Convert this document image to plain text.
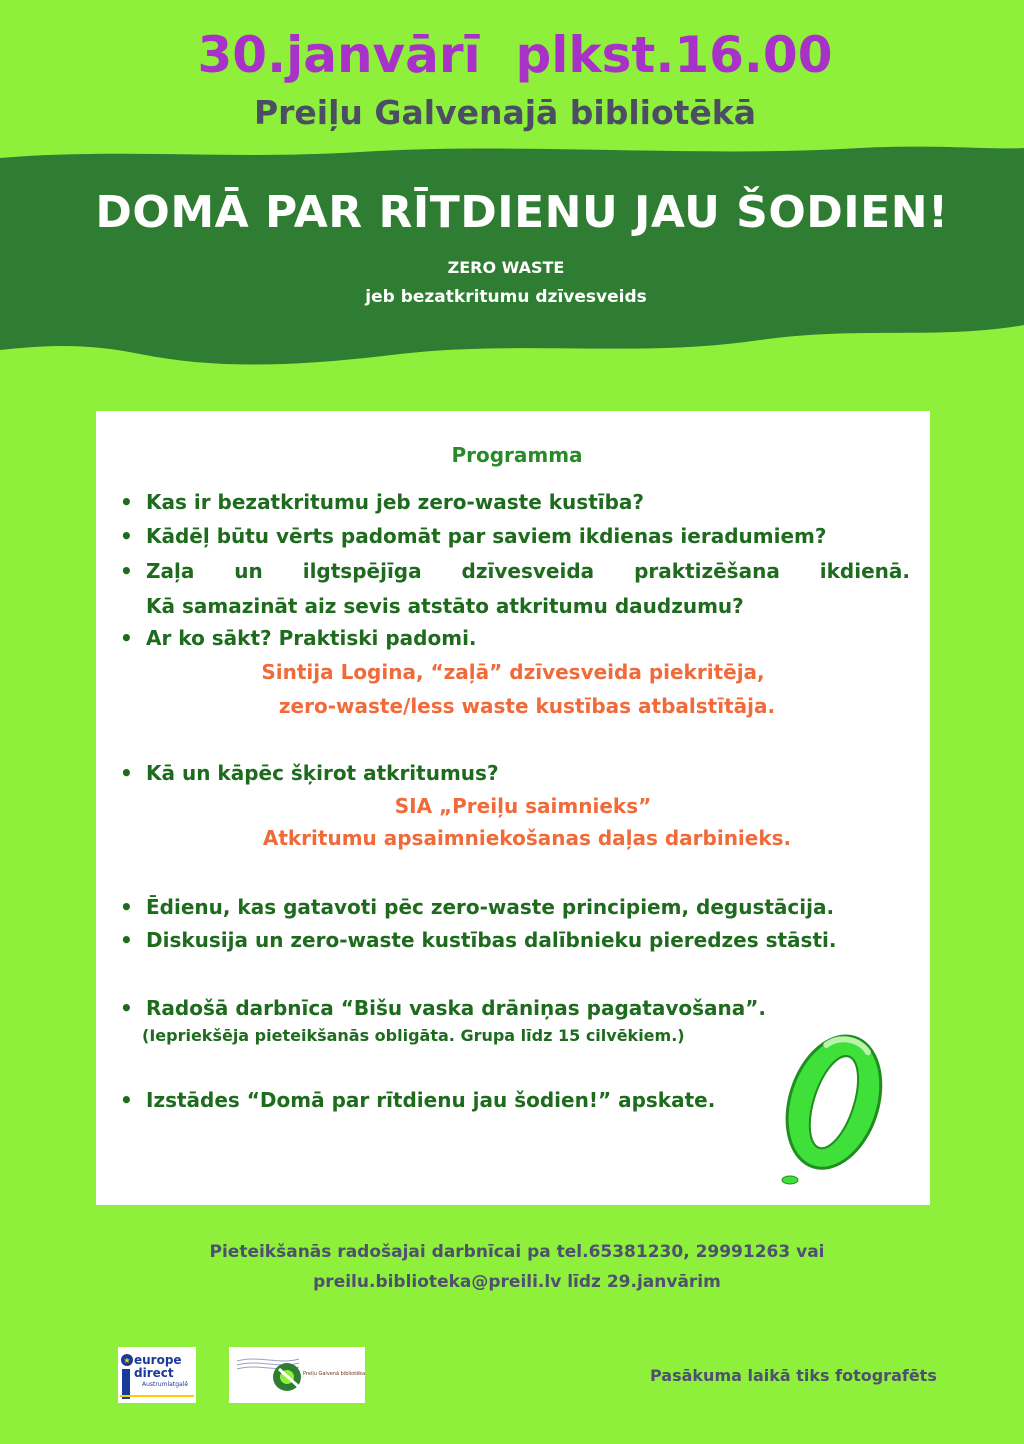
30.janvārī  plkst.16.00
Preiļu Galvenajā bibliotēkā
DOMĀ PAR RĪTDIENU JAU ŠODIEN!
ZERO WASTE
jeb bezatkritumu dzīvesveids
Programma
• Kas ir bezatkritumu jeb zero-waste kustība?
• Kādēļ būtu vērts padomāt par saviem ikdienas ieradumiem?
• Zaļa un ilgtspējīga dzīvesveida praktizēšana ikdienā.
Kā samazināt aiz sevis atstāto atkritumu daudzumu?
• Ar ko sākt? Praktiski padomi.
Sintija Logina, “zaļā” dzīvesveida piekritēja,
zero-waste/less waste kustības atbalstītāja.
• Kā un kāpēc šķirot atkritumus?
SIA „Preiļu saimnieks”
Atkritumu apsaimniekošanas daļas darbinieks.
• Ēdienu, kas gatavoti pēc zero-waste principiem, degustācija.
• Diskusija un zero-waste kustības dalībnieku pieredzes stāsti.
• Radošā darbnīca “Bišu vaska drāniņas pagatavošana”.
(Iepriekšēja pieteikšanās obligāta. Grupa līdz 15 cilvēkiem.)
• Izstādes “Domā par rītdienu jau šodien!” apskate.
Pieteikšanās radošajai darbnīcai pa tel.65381230, 29991263 vai
preilu.biblioteka@preili.lv līdz 29.janvārim
★ europe
direct
Austrumlatgalē
Preiļu Galvenā bibliotēka	Pasākuma laikā tiks fotografēts
